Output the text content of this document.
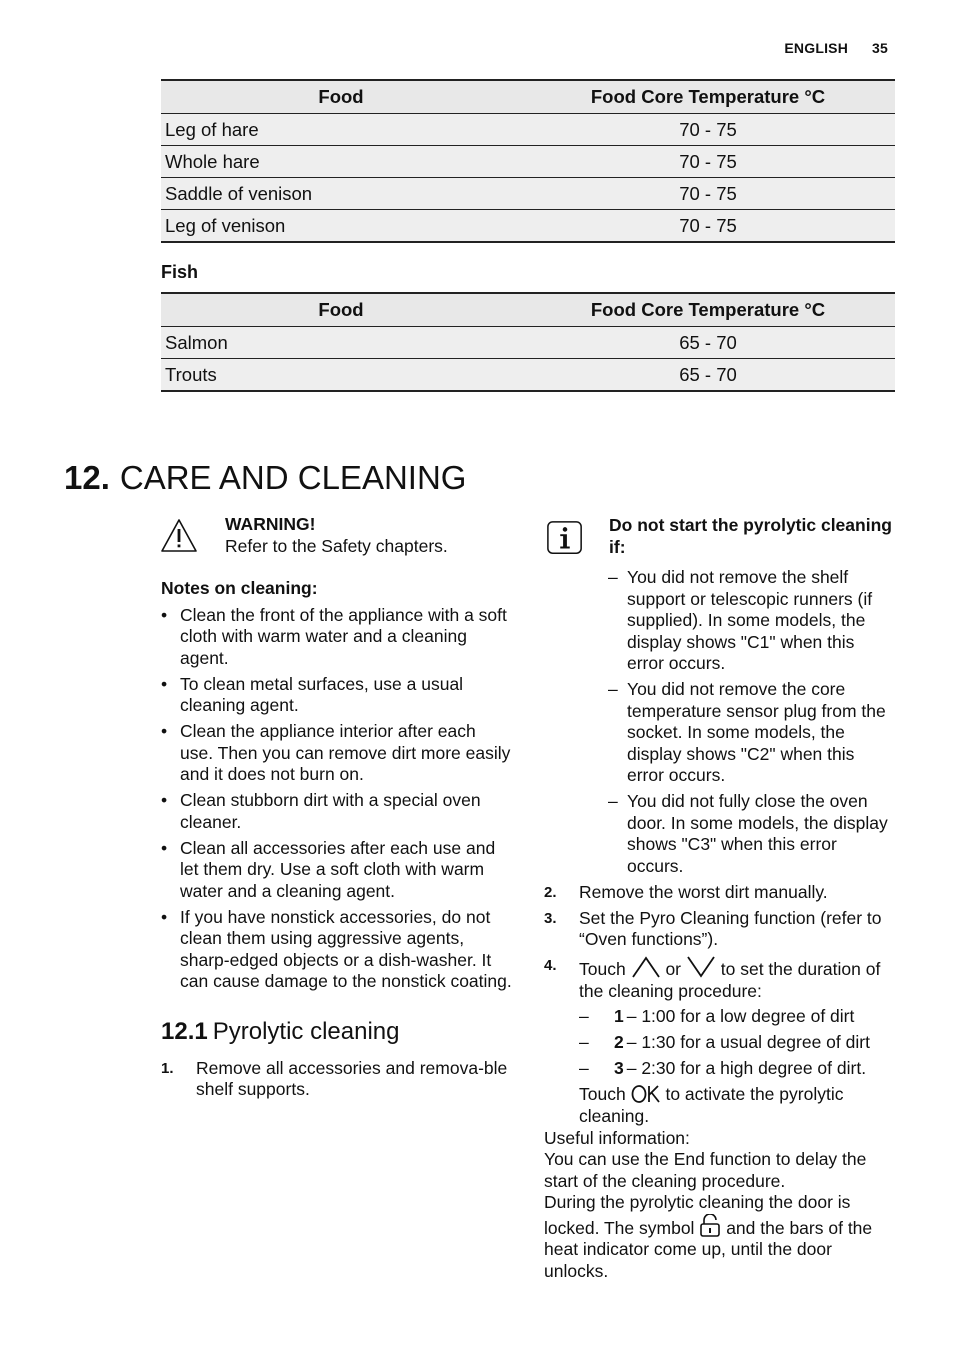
ENGLISH 35
Food	Food Core Temperature °C
Leg of hare	70 - 75
Whole hare	70 - 75
Saddle of venison	70 - 75
Leg of venison	70 - 75
Fish
Food	Food Core Temperature °C
Salmon	65 - 70
Trouts	65 - 70
12. CARE AND CLEANING
WARNING!
Refer to the Safety chapters.
Notes on cleaning:
• Clean the front of the appliance with a soft cloth with warm water and a cleaning agent.
• To clean metal surfaces, use a usual cleaning agent.
• Clean the appliance interior after each use. Then you can remove dirt more easily and it does not burn on.
• Clean stubborn dirt with a special oven cleaner.
• Clean all accessories after each use and let them dry. Use a soft cloth with warm water and a cleaning agent.
• If you have nonstick accessories, do not clean them using aggressive agents, sharp-edged objects or a dish-washer. It can cause damage to the nonstick coating.
12.1 Pyrolytic cleaning
1. Remove all accessories and remova-ble shelf supports.
Do not start the pyrolytic cleaning if:
– You did not remove the shelf support or telescopic runners (if supplied). In some models, the display shows "C1" when this error occurs.
– You did not remove the core temperature sensor plug from the socket. In some models, the display shows "C2" when this error occurs.
– You did not fully close the oven door. In some models, the display shows "C3" when this error occurs.
2. Remove the worst dirt manually.
3. Set the Pyro Cleaning function (refer to “Oven functions”).
4. Touch or to set the duration of the cleaning procedure:
– 1 – 1:00 for a low degree of dirt
– 2 – 1:30 for a usual degree of dirt
– 3 – 2:30 for a high degree of dirt.
Touch to activate the pyrolytic cleaning.

Useful information:

You can use the End function to delay the start of the cleaning procedure.

During the pyrolytic cleaning the door is locked. The symbol and the bars of the heat indicator come up, until the door unlocks.
